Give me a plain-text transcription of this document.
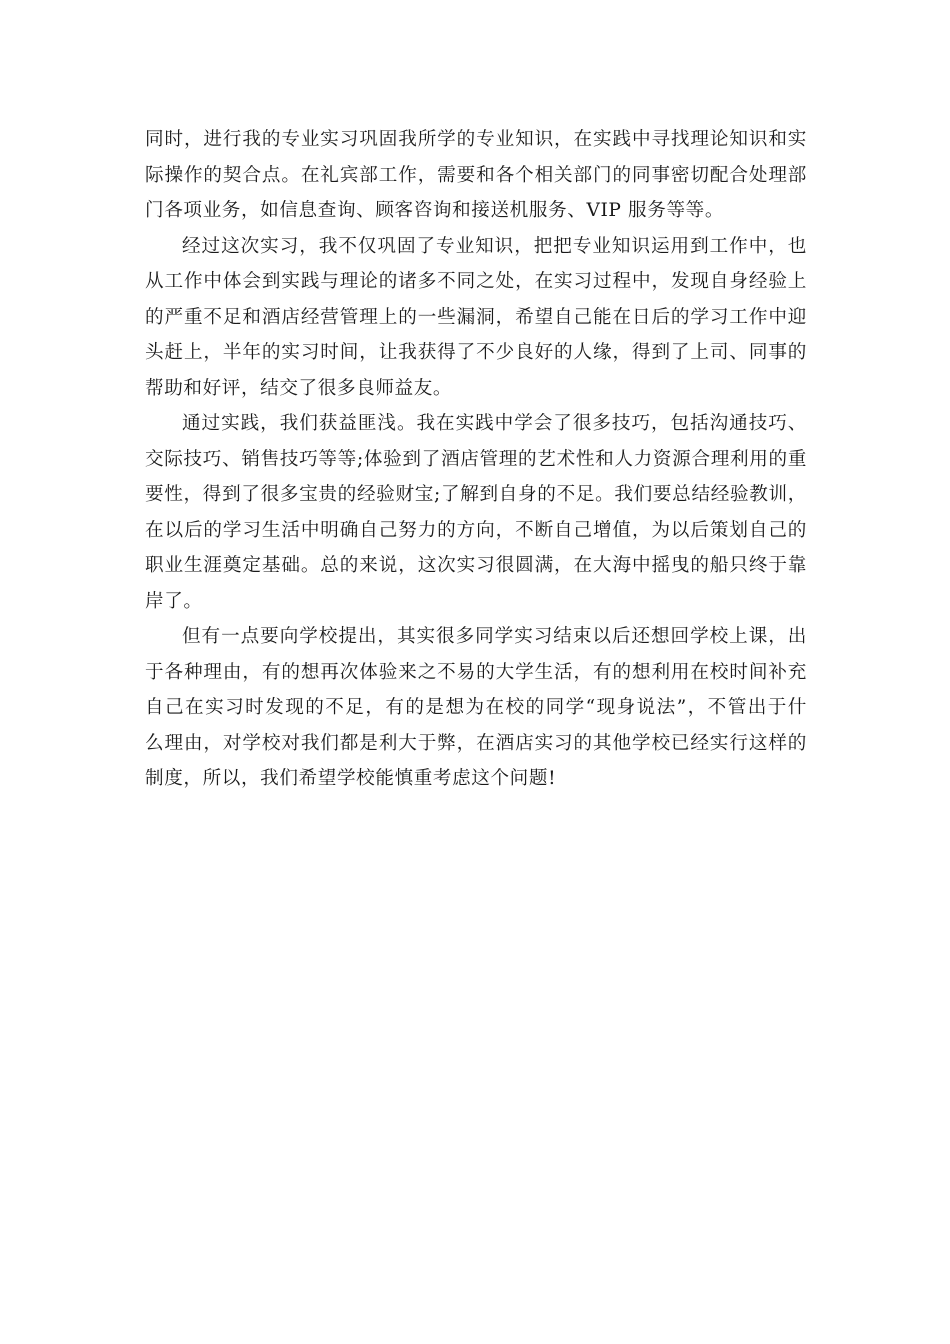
同时，进行我的专业实习巩固我所学的专业知识，在实践中寻找理论知识和实
际操作的契合点。在礼宾部工作，需要和各个相关部门的同事密切配合处理部
门各项业务，如信息查询、顾客咨询和接送机服务、VIP 服务等等。

经过这次实习，我不仅巩固了专业知识，把把专业知识运用到工作中，也
从工作中体会到实践与理论的诸多不同之处，在实习过程中，发现自身经验上
的严重不足和酒店经营管理上的一些漏洞，希望自己能在日后的学习工作中迎
头赶上，半年的实习时间，让我获得了不少良好的人缘，得到了上司、同事的
帮助和好评，结交了很多良师益友。

通过实践，我们获益匪浅。我在实践中学会了很多技巧，包括沟通技巧、
交际技巧、销售技巧等等;体验到了酒店管理的艺术性和人力资源合理利用的重
要性，得到了很多宝贵的经验财宝;了解到自身的不足。我们要总结经验教训，
在以后的学习生活中明确自己努力的方向，不断自己增值，为以后策划自己的
职业生涯奠定基础。总的来说，这次实习很圆满，在大海中摇曳的船只终于靠
岸了。

但有一点要向学校提出，其实很多同学实习结束以后还想回学校上课，出
于各种理由，有的想再次体验来之不易的大学生活，有的想利用在校时间补充
自己在实习时发现的不足，有的是想为在校的同学“现身说法”，不管出于什
么理由，对学校对我们都是利大于弊，在酒店实习的其他学校已经实行这样的
制度，所以，我们希望学校能慎重考虑这个问题!
